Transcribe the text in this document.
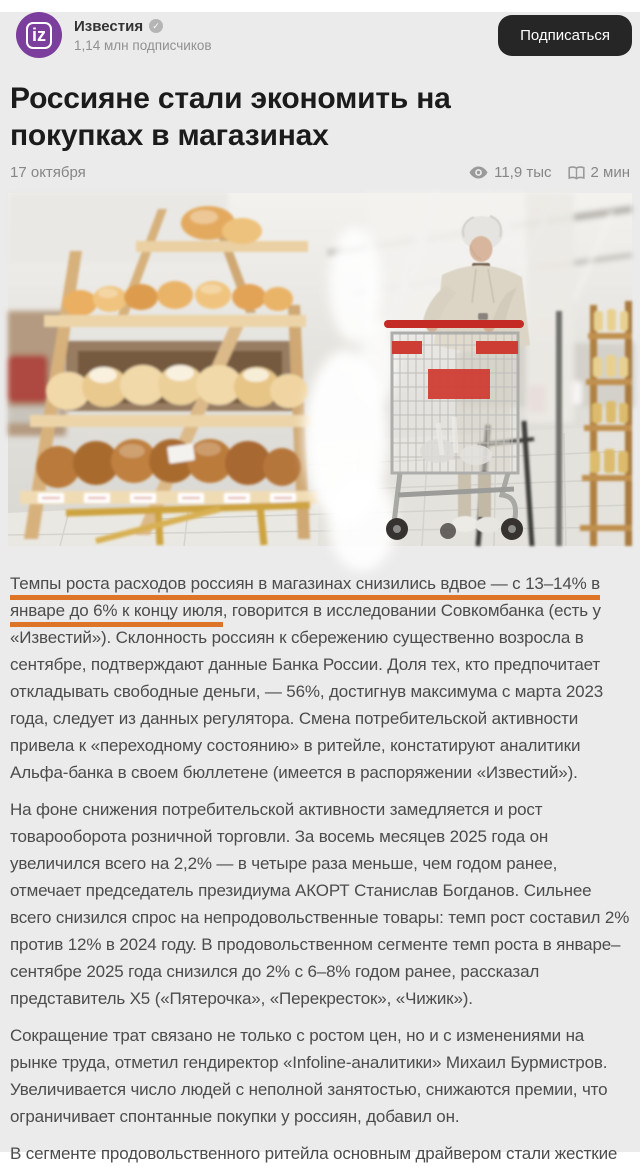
iz	Известия	✓
1,14 млн подписчиков
Подписаться
Россияне стали экономить на покупках в магазинах
17 октября	11,9 тыс	2 мин

Темпы роста расходов россиян в магазинах снизились вдвое — с 13–14% в январе до 6% к концу июля, говорится в исследовании Совкомбанка (есть у «Известий»). Склонность россиян к сбережению существенно возросла в сентябре, подтверждают данные Банка России. Доля тех, кто предпочитает откладывать свободные деньги, — 56%, достигнув максимума с марта 2023 года, следует из данных регулятора. Смена потребительской активности привела к «переходному состоянию» в ритейле, констатируют аналитики Альфа-банка в своем бюллетене (имеется в распоряжении «Известий»).

На фоне снижения потребительской активности замедляется и рост товарооборота розничной торговли. За восемь месяцев 2025 года он увеличился всего на 2,2% — в четыре раза меньше, чем годом ранее, отмечает председатель президиума АКОРТ Станислав Богданов. Сильнее всего снизился спрос на непродовольственные товары: темп рост составил 2% против 12% в 2024 году. В продовольственном сегменте темп роста в январе–сентябре 2025 года снизился до 2% с 6–8% годом ранее, рассказал представитель X5 («Пятерочка», «Перекресток», «Чижик»).

Сокращение трат связано не только с ростом цен, но и с изменениями на рынке труда, отметил гендиректор «Infoline-аналитики» Михаил Бурмистров. Увеличивается число людей с неполной занятостью, снижаются премии, что ограничивает спонтанные покупки у россиян, добавил он.

В сегменте продовольственного ритейла основным драйвером стали жесткие
